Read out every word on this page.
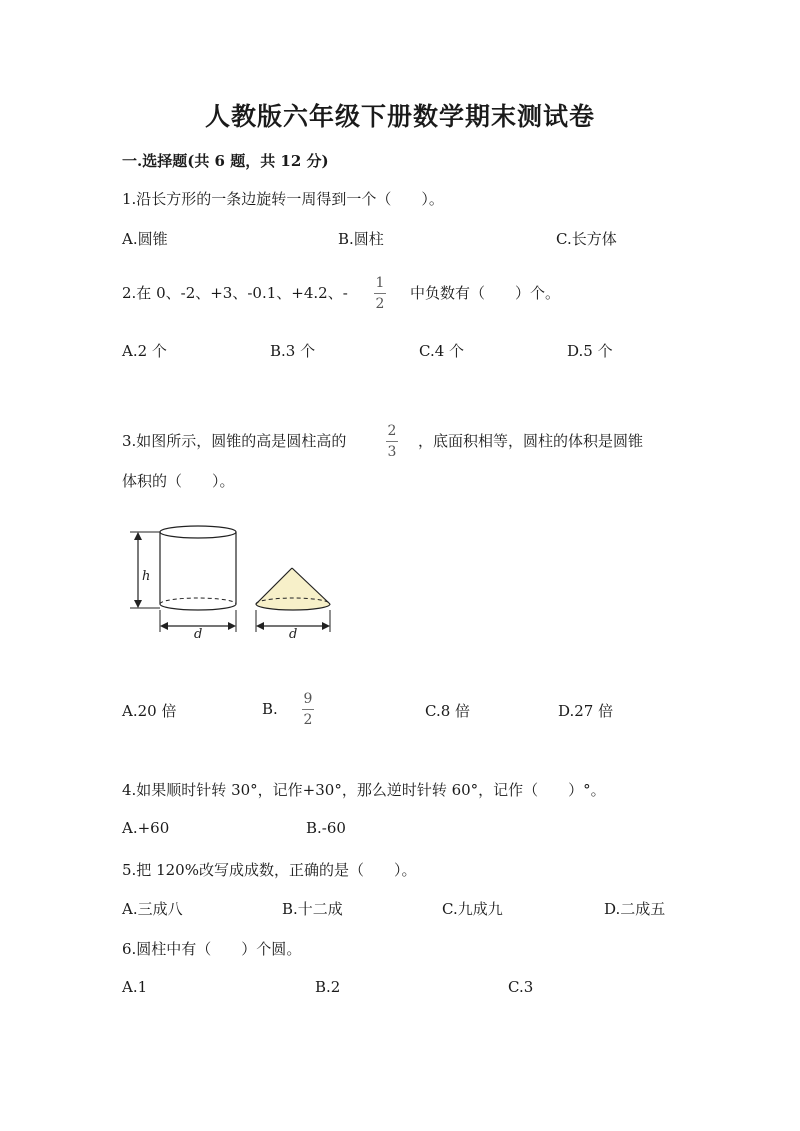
人教版六年级下册数学期末测试卷
一.选择题(共 6 题，共 12 分)
1.沿长方形的一条边旋转一周得到一个（　　）。
A.圆锥	B.圆柱	C.长方体
2.在 0、-2、+3、-0.1、+4.2、-
1
2
中负数有（　　）个。
A.2 个	B.3 个	C.4 个	D.5 个
3.如图所示，圆锥的高是圆柱高的
2
3
，底面积相等，圆柱的体积是圆锥
体积的（　　）。
h
d	d
A.20 倍	B.
9
2	C.8 倍	D.27 倍
4.如果顺时针转 30°，记作+30°，那么逆时针转 60°，记作（　　）°。
A.+60	B.-60
5.把 120%改写成成数，正确的是（　　）。
A.三成八	B.十二成	C.九成九	D.二成五
6.圆柱中有（　　）个圆。
A.1	B.2	C.3
